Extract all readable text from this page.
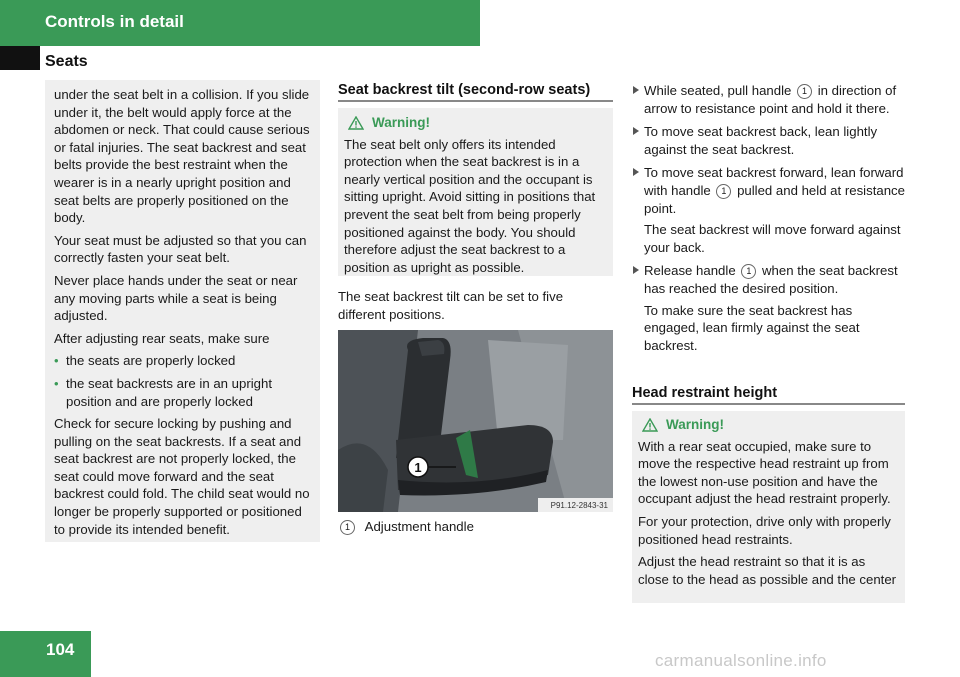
Controls in detail
Seats

under the seat belt in a collision. If you slide under it, the belt would apply force at the abdomen or neck. That could cause serious or fatal injuries. The seat backrest and seat belts provide the best restraint when the wearer is in a nearly upright position and seat belts are properly positioned on the body.

Your seat must be adjusted so that you can correctly fasten your seat belt.

Never place hands under the seat or near any moving parts while a seat is being adjusted.

After adjusting rear seats, make sure

• the seats are properly locked
• the seat backrests are in an upright position and are properly locked

Check for secure locking by pushing and pulling on the seat backrests. If a seat and seat backrest are not properly locked, the seat could move forward and the seat backrest could fold. The child seat would no longer be properly supported or positioned to provide its intended benefit.

Seat backrest tilt (second-row seats)
Warning!
The seat belt only offers its intended protection when the seat backrest is in a nearly vertical position and the occupant is sitting upright. Avoid sitting in positions that prevent the seat belt from being properly positioned against the body. You should therefore adjust the seat backrest to a position as upright as possible.
The seat backrest tilt can be set to five different positions.
1
P91.12-2843-31
1 Adjustment handle
While seated, pull handle 1 in direction of arrow to resistance point and hold it there.
To move seat backrest back, lean lightly against the seat backrest.
To move seat backrest forward, lean forward with handle 1 pulled and held at resistance point.
The seat backrest will move forward against your back.
Release handle 1 when the seat backrest has reached the desired position.
To make sure the seat backrest has engaged, lean firmly against the seat backrest.
Head restraint height
Warning!

With a rear seat occupied, make sure to move the respective head restraint up from the lowest non-use position and have the occupant adjust the head restraint properly.

For your protection, drive only with properly positioned head restraints.

Adjust the head restraint so that it is as close to the head as possible and the center

104
carmanualsonline.info
